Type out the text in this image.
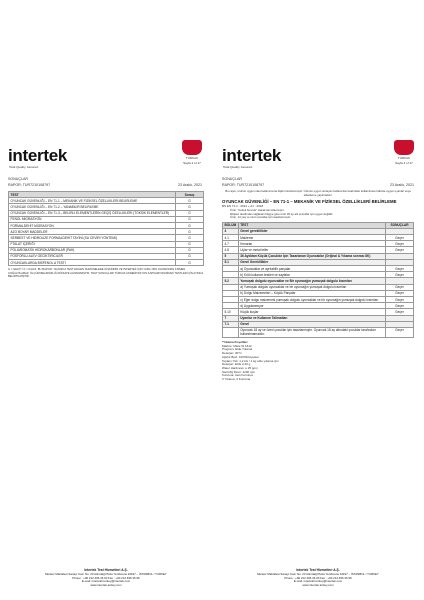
intertek
Total Quality. Assured.
TÜRKAK
Sayfa 2 of 17
SONUÇLAR
RAPOR: TUR7210108797	23 Aralık, 2021
TEST	Sonuç
OYUNCAK GÜVENLİĞİ – EN 71-1 – MEKANİK VE FİZİKSEL ÖZELLİKLERİ BELİRLEME	G
OYUNCAK GÜVENLİĞİ – EN 71-2 – YANABİLİR BELİRLEME	G
OYUNCAK GÜVENLİĞİ – EN 71-3 – BELİRLİ ELEMENTLERİN GEÇİŞ ÖZELLİKLERİ (TOKSİK ELEMENTLER)	G
FENOL MİGRASYON	G
FORMALDEHİT MİGRASYON	G
AZO BOYAR MADDELER	G
SERBEST VE HİDROLİZE FORMALDEHİT TAYİNİ (SU CEVİRİ YÖNTEMİ)	G
FTALAT İÇERİĞİ	G
POLİAROMATİK HİDROKARBONLAR (PAH)	G
FOSFORLU ALEV GECİKTİRİCİLER	G
OYUNCAKLARDA BİSFENOL A TESTİ	G
G = GEÇTİ / K = KALDI. BU RAPOR, YALNIZCA TEST EDİLEN NUMUNELERE İLİŞKİNDİR VE İNTERTEK İÇİN YAZILI İZİN OLMAKSIZIN KISMEN ÇOĞALTILAMAZ. ÖLÇÜM BELİRSİZLİĞİ DİKKATE ALINMAMIŞTIR. TEST SONUÇLARI TÜRKAK AKREDİTASYON KAPSAMI DIŞINDAKİ TESTLER İÇİN AYRICA BELİRTİLMİŞTİR.
Intertek Test Hizmetleri A.Ş.
Merkez Mahallesi Sanayi Cad. No: 23 Altındağ Plaza Yenibosna 34197 – İSTANBUL / TURKEY
Phone : +90 212 496 46 00 Fax : +90 212 496 46 99
E-mail: intertektr.turkey@intertek.com
www.intertek-turkey.com
intertek
Total Quality. Assured.
TÜRKAK
Sayfa 4 of 17
SONUÇLAR
RAPOR: TUR7210108797	23 Aralık, 2021
Bu rapor, ürünün uygun olan kullanıcısına ilişkin hazırlanmıştır. Ürünün uygun olmayan kullanıcılar tarafından kullanılması halinde uygun uyarılar veya etiketleme yapılmalıdır.
OYUNCAK GÜVENLİĞİ – EN 71-1 – MEKANİK VE FİZİKSEL ÖZELLİKLERİ BELİRLEME
BS EN 71-1 : 2014 + A1 : 2018
Ürün: "bebek boncuk" olarak tanımlanmıştır.
Müşteri tarafından sağlanan bilgiye göre ürün 36 ay altı çocuklar için uygun değildir.
Ürün, 14 yaş ve üzeri çocuklar için tasarlanmıştır.
BÖLÜM	TEST	SONUÇLAR
4	Genel gereklilikler	
4.1	Malzeme	Geçer
4.7	Kenarlar	Geçer
4.8	Uçlar ve metal teller	Geçer
5	36 Aylıktan Küçük Çocuklar İçin Tasarlanan Oyuncaklar (Orijinal & Yıkama sonrası 8K)	
5.1	Genel Gereklilikler	
	a) Oyuncaklar ve ayrılabilir parçalar	Geçer
	b) Kötü kullanım testleri ve sayfalar	Geçer
5.2	Yumuşak dolgulu oyuncaklar ve Bir oyuncağın yumuşak dolgulu kısımları	
	a) Yumuşak dolgulu oyuncaklar ve bir oyuncağın yumuşak dolgulu kısımları	Geçer
	b) Dolgu Malzemeleri – Küçük Parçalar	Geçer
	c) Eğer dolgu malzemesi yumuşak dolgulu oyuncaklar ve bir oyuncağın yumuşak dolgulu kısımları	Geçer
	d) Uygulanmıyor	Geçer
5.10	Küçük kuşlar	Geçer
7	Uyarılar ve Kullanım Talimatları	
7.1	Genel	
	Oyuncak 18 ay ve üzeri çocuklar için tasarlanmıştır. Oyuncak 18 ay altındaki çocuklar tarafından kullanılmamalıdır.	Geçer
*Yıkama Koşulları:
Makine: Miele W 1612
Program: Elde Yıkama
Deterjan: 30°C
Ağırlık Bezi: 100%Polyester
Toplam Yük: 1,2 kG / 1 kg elde yıkama için
Deterjan: ECE A 20 g
Water Hardness: ≤ 25 ppm
Santrifüj Devri: 1200 rpm
Kurutma: Asılı Kurutma
3 Yıkama, 3 Kurutma
Intertek Test Hizmetleri A.Ş.
Merkez Mahallesi Sanayi Cad. No: 23 Altındağ Plaza Yenibosna 34197 – İSTANBUL / TURKEY
Phone : +90 212 496 46 00 Fax : +90 212 496 46 99
E-mail: intertektr.turkey@intertek.com
www.intertek-turkey.com
